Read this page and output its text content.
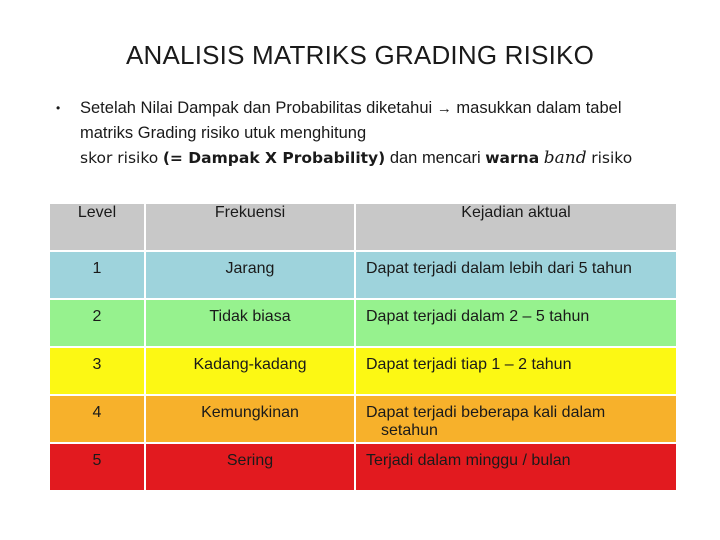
ANALISIS MATRIKS GRADING RISIKO
• Setelah Nilai Dampak dan Probabilitas diketahui → masukkan dalam tabel
matriks Grading risiko utuk menghitung
skor risiko (= Dampak X Probability) dan mencari warna band risiko
Level	Frekuensi	Kejadian aktual

1	Jarang	Dapat terjadi dalam lebih dari 5 tahun

2	Tidak biasa	Dapat terjadi dalam 2 – 5 tahun

3	Kadang-kadang	Dapat terjadi tiap 1 – 2 tahun

4	Kemungkinan	Dapat terjadi beberapa kali dalam
setahun

5	Sering	Terjadi dalam minggu / bulan
